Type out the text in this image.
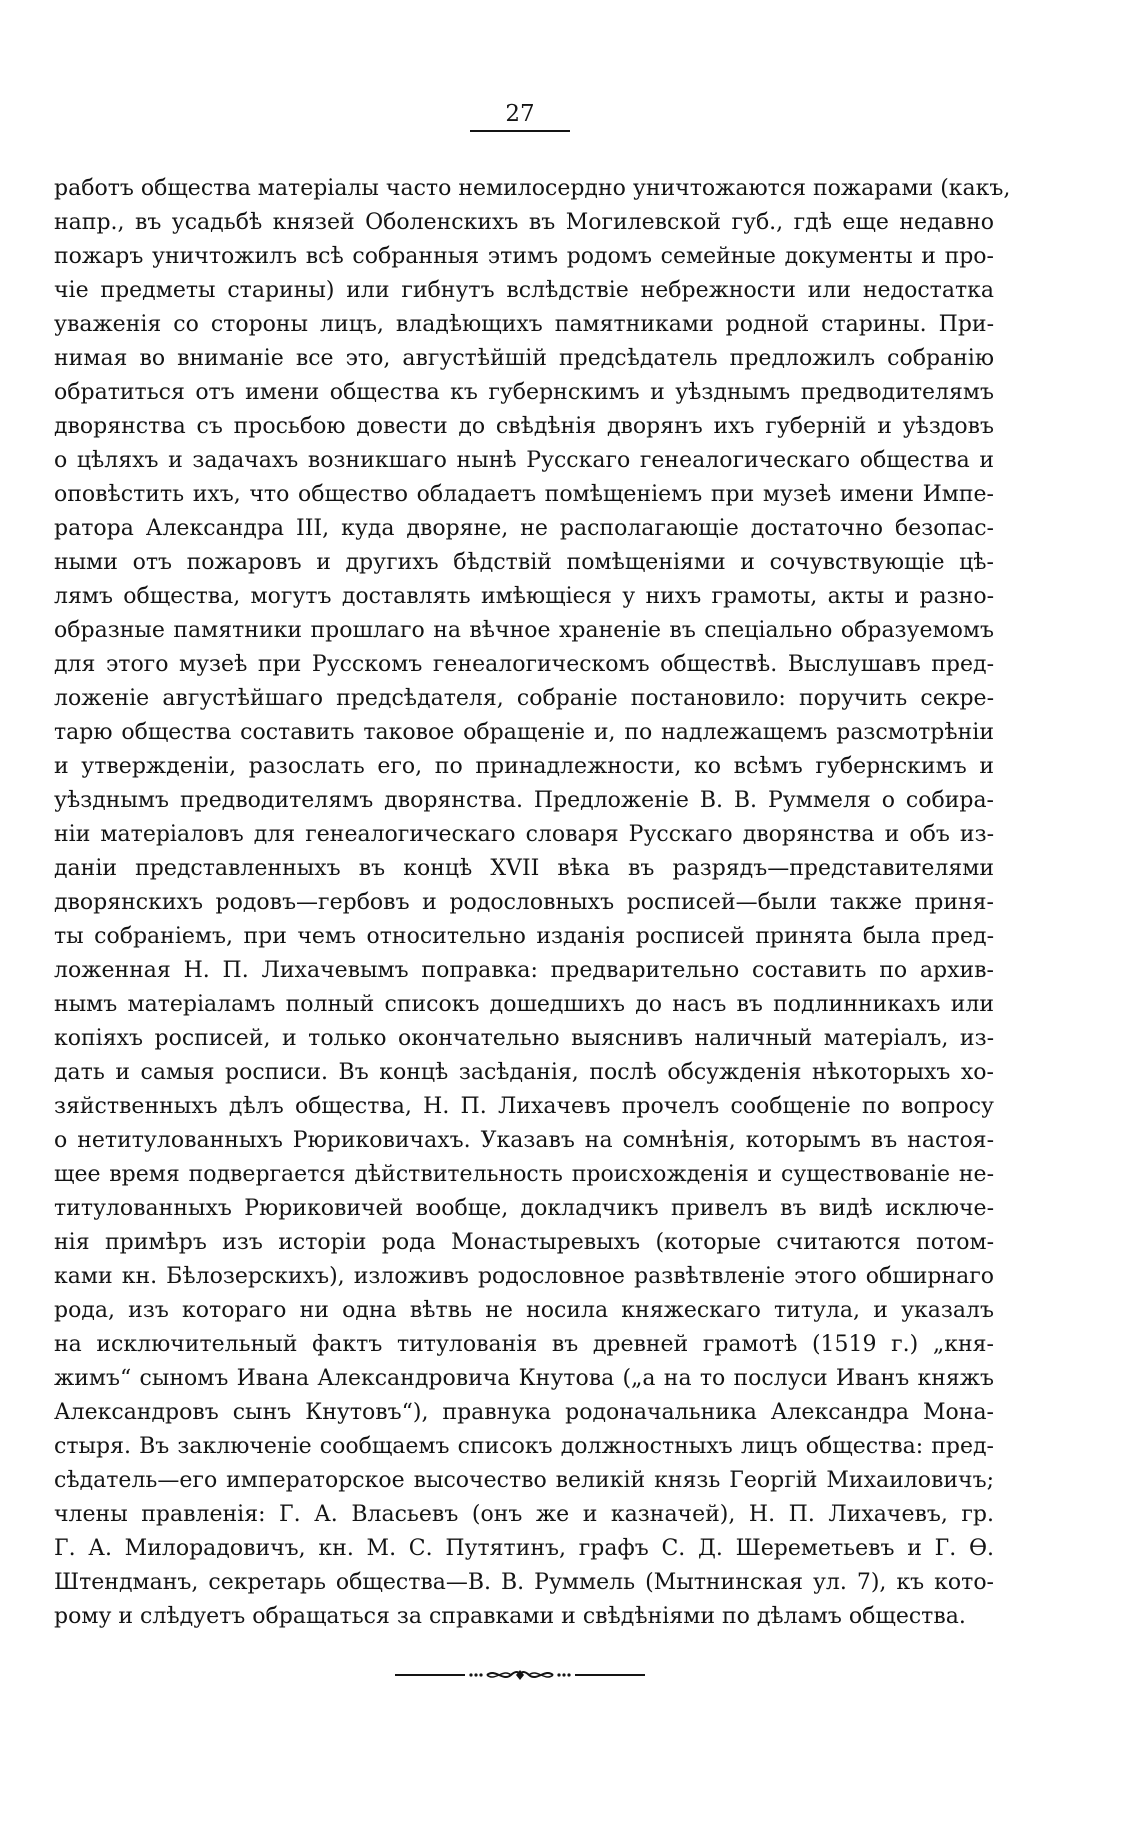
27
работъ общества матеріалы часто немилосердно уничтожаются пожарами (какъ,
напр., въ усадьбѣ князей Оболенскихъ въ Могилевской губ., гдѣ еще недавно
пожаръ уничтожилъ всѣ собранныя этимъ родомъ семейные документы и про-
чіе предметы старины) или гибнутъ вслѣдствіе небрежности или недостатка
уваженія со стороны лицъ, владѣющихъ памятниками родной старины. При-
нимая во вниманіе все это, августѣйшій предсѣдатель предложилъ собранію
обратиться отъ имени общества къ губернскимъ и уѣзднымъ предводителямъ
дворянства съ просьбою довести до свѣдѣнія дворянъ ихъ губерній и уѣздовъ
о цѣляхъ и задачахъ возникшаго нынѣ Русскаго генеалогическаго общества и
оповѣстить ихъ, что общество обладаетъ помѣщеніемъ при музеѣ имени Импе-
ратора Александра III, куда дворяне, не располагающіе достаточно безопас-
ными отъ пожаровъ и другихъ бѣдствій помѣщеніями и сочувствующіе цѣ-
лямъ общества, могутъ доставлять имѣющіеся у нихъ грамоты, акты и разно-
образные памятники прошлаго на вѣчное храненіе въ спеціально образуемомъ
для этого музеѣ при Русскомъ генеалогическомъ обществѣ. Выслушавъ пред-
ложеніе августѣйшаго предсѣдателя, собраніе постановило: поручить секре-
тарю общества составить таковое обращеніе и, по надлежащемъ разсмотрѣніи
и утвержденіи, разослать его, по принадлежности, ко всѣмъ губернскимъ и
уѣзднымъ предводителямъ дворянства. Предложеніе В. В. Руммеля о собира-
ніи матеріаловъ для генеалогическаго словаря Русскаго дворянства и объ из-
даніи представленныхъ въ концѣ XVII вѣка въ разрядъ—представителями
дворянскихъ родовъ—гербовъ и родословныхъ росписей—были также приня-
ты собраніемъ, при чемъ относительно изданія росписей принята была пред-
ложенная Н. П. Лихачевымъ поправка: предварительно составить по архив-
нымъ матеріаламъ полный списокъ дошедшихъ до насъ въ подлинникахъ или
копіяхъ росписей, и только окончательно выяснивъ наличный матеріалъ, из-
дать и самыя росписи. Въ концѣ засѣданія, послѣ обсужденія нѣкоторыхъ хо-
зяйственныхъ дѣлъ общества, Н. П. Лихачевъ прочелъ сообщеніе по вопросу
о нетитулованныхъ Рюриковичахъ. Указавъ на сомнѣнія, которымъ въ настоя-
щее время подвергается дѣйствительность происхожденія и существованіе не-
титулованныхъ Рюриковичей вообще, докладчикъ привелъ въ видѣ исключе-
нія примѣръ изъ исторіи рода Монастыревыхъ (которые считаются потом-
ками кн. Бѣлозерскихъ), изложивъ родословное развѣтвленіе этого обширнаго
рода, изъ котораго ни одна вѣтвь не носила княжескаго титула, и указалъ
на исключительный фактъ титулованія въ древней грамотѣ (1519 г.) „кня-
жимъ“ сыномъ Ивана Александровича Кнутова („а на то послуси Иванъ княжъ
Александровъ сынъ Кнутовъ“), правнука родоначальника Александра Мона-
стыря. Въ заключеніе сообщаемъ списокъ должностныхъ лицъ общества: пред-
сѣдатель—его императорское высочество великій князь Георгій Михаиловичъ;
члены правленія: Г. А. Власьевъ (онъ же и казначей), Н. П. Лихачевъ, гр.
Г. А. Милорадовичъ, кн. М. С. Путятинъ, графъ С. Д. Шереметьевъ и Г. Ѳ.
Штендманъ, секретарь общества—В. В. Руммель (Мытнинская ул. 7), къ кото-
рому и слѣдуетъ обращаться за справками и свѣдѣніями по дѣламъ общества.
